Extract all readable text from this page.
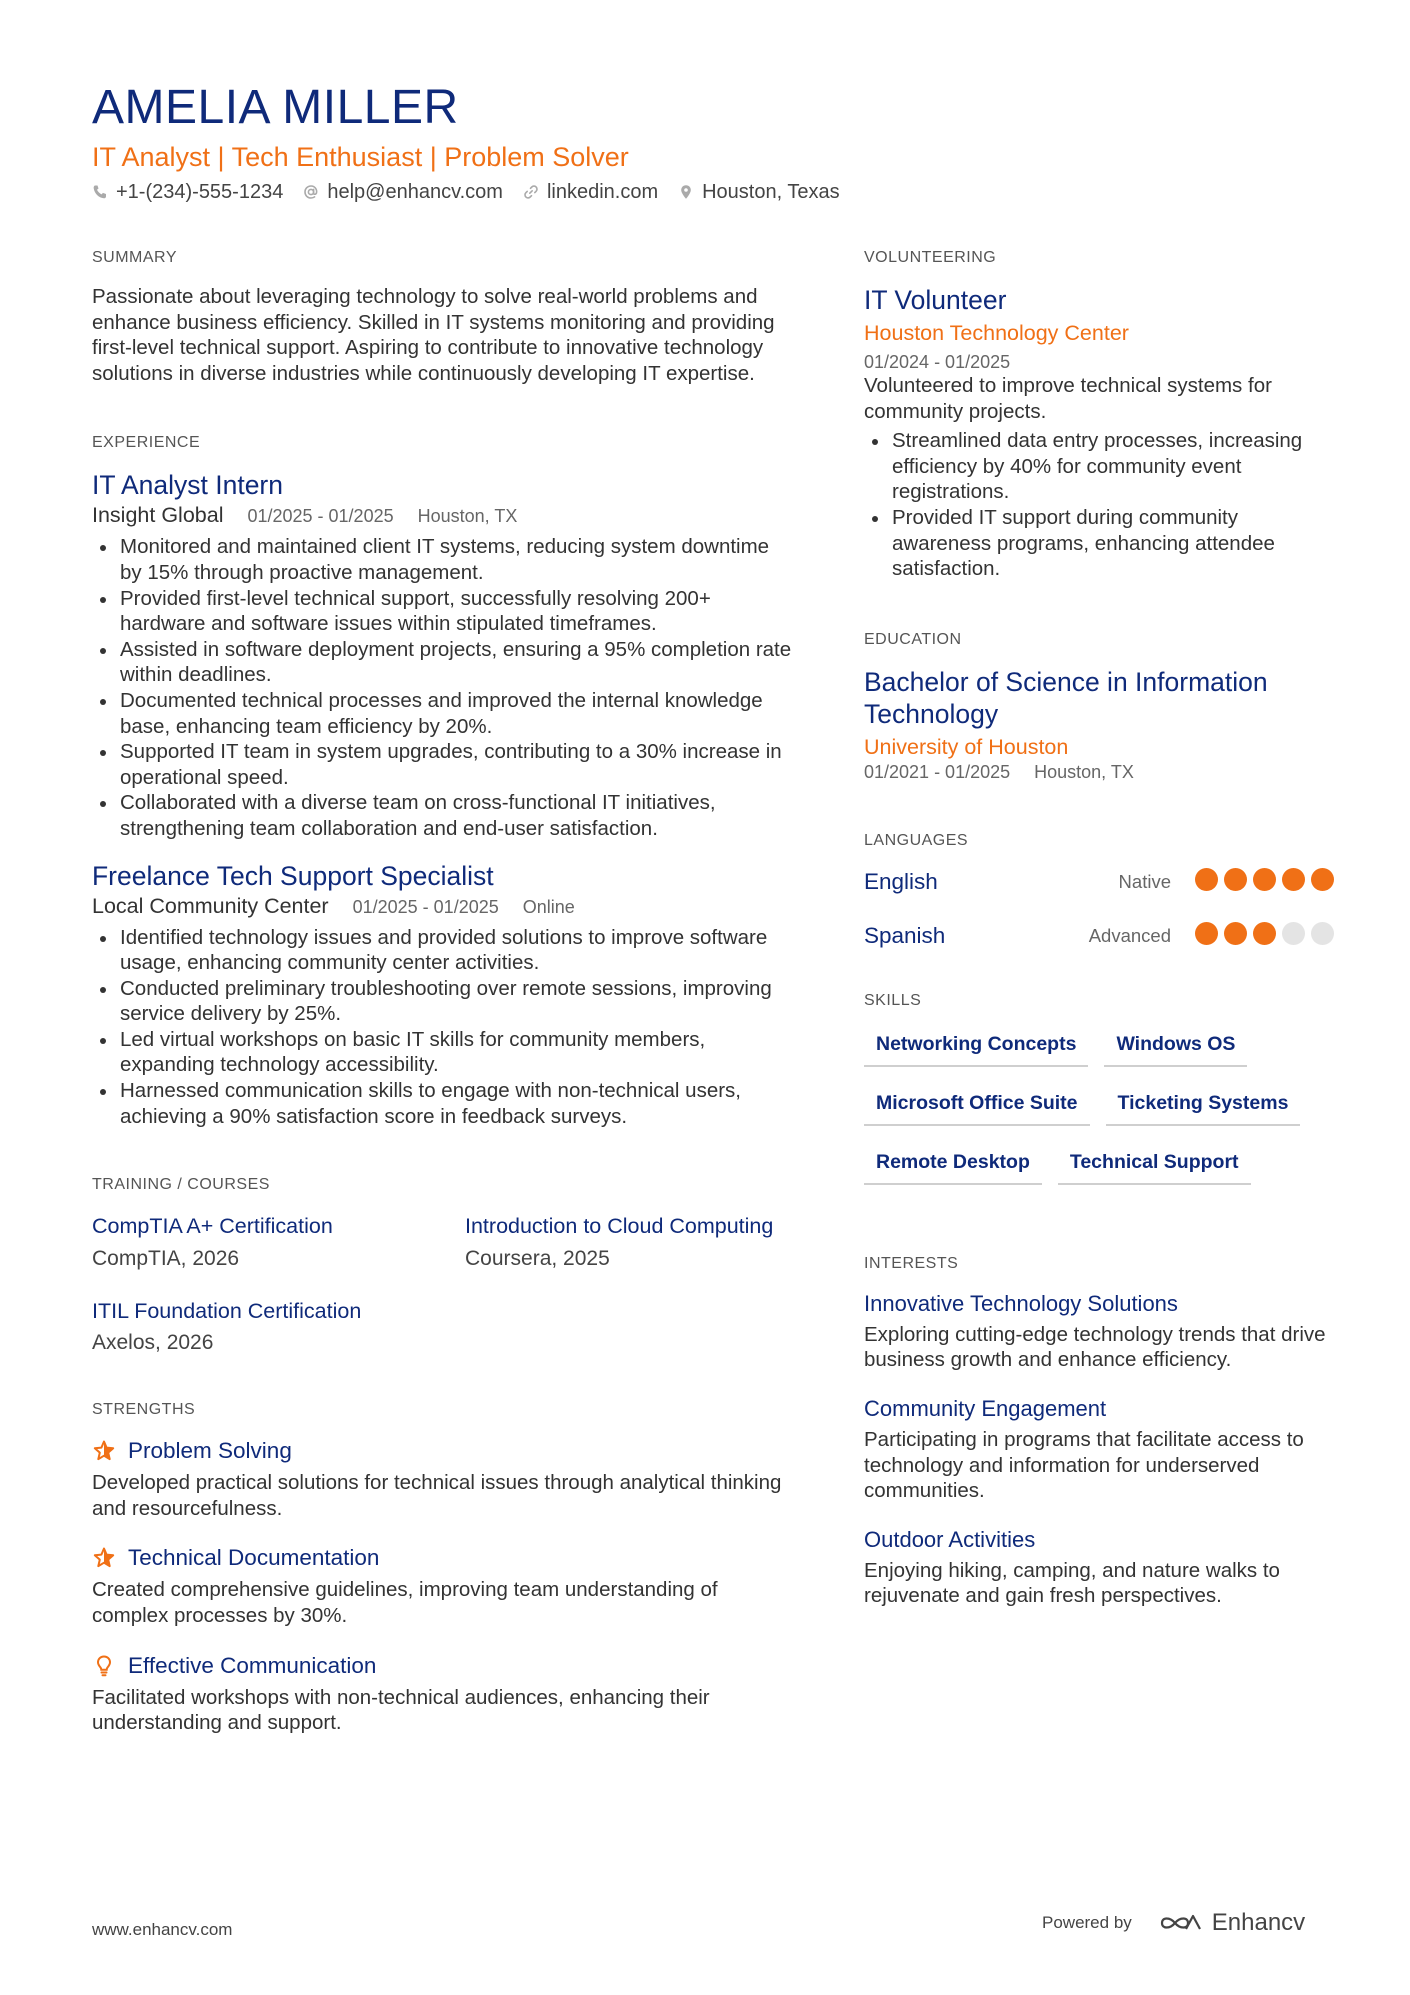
AMELIA MILLER
IT Analyst | Tech Enthusiast | Problem Solver
+1-(234)-555-1234 help@enhancv.com linkedin.com Houston, Texas
SUMMARY

Passionate about leveraging technology to solve real-world problems and enhance business efficiency. Skilled in IT systems monitoring and providing first-level technical support. Aspiring to contribute to innovative technology solutions in diverse industries while continuously developing IT expertise.

EXPERIENCE
IT Analyst Intern
Insight Global 01/2025 - 01/2025 Houston, TX
Monitored and maintained client IT systems, reducing system downtime by 15% through proactive management.
Provided first-level technical support, successfully resolving 200+ hardware and software issues within stipulated timeframes.
Assisted in software deployment projects, ensuring a 95% completion rate within deadlines.
Documented technical processes and improved the internal knowledge base, enhancing team efficiency by 20%.
Supported IT team in system upgrades, contributing to a 30% increase in operational speed.
Collaborated with a diverse team on cross-functional IT initiatives, strengthening team collaboration and end-user satisfaction.
Freelance Tech Support Specialist
Local Community Center 01/2025 - 01/2025 Online
Identified technology issues and provided solutions to improve software usage, enhancing community center activities.
Conducted preliminary troubleshooting over remote sessions, improving service delivery by 25%.
Led virtual workshops on basic IT skills for community members, expanding technology accessibility.
Harnessed communication skills to engage with non-technical users, achieving a 90% satisfaction score in feedback surveys.
TRAINING / COURSES
CompTIA A+ Certification
CompTIA, 2026
Introduction to Cloud Computing
Coursera, 2025
ITIL Foundation Certification
Axelos, 2026
STRENGTHS
Problem Solving

Developed practical solutions for technical issues through analytical thinking and resourcefulness.

Technical Documentation

Created comprehensive guidelines, improving team understanding of complex processes by 30%.

Effective Communication

Facilitated workshops with non-technical audiences, enhancing their understanding and support.

VOLUNTEERING
IT Volunteer
Houston Technology Center
01/2024 - 01/2025

Volunteered to improve technical systems for community projects.

Streamlined data entry processes, increasing efficiency by 40% for community event registrations.
Provided IT support during community awareness programs, enhancing attendee satisfaction.
EDUCATION
Bachelor of Science in Information Technology
University of Houston
01/2021 - 01/2025 Houston, TX
LANGUAGES
English	Native
Spanish	Advanced
SKILLS
Networking Concepts	Windows OS
Microsoft Office Suite	Ticketing Systems
Remote Desktop	Technical Support
INTERESTS
Innovative Technology Solutions

Exploring cutting-edge technology trends that drive business growth and enhance efficiency.

Community Engagement

Participating in programs that facilitate access to technology and information for underserved communities.

Outdoor Activities

Enjoying hiking, camping, and nature walks to rejuvenate and gain fresh perspectives.

www.enhancv.com	Powered by	Enhancv
